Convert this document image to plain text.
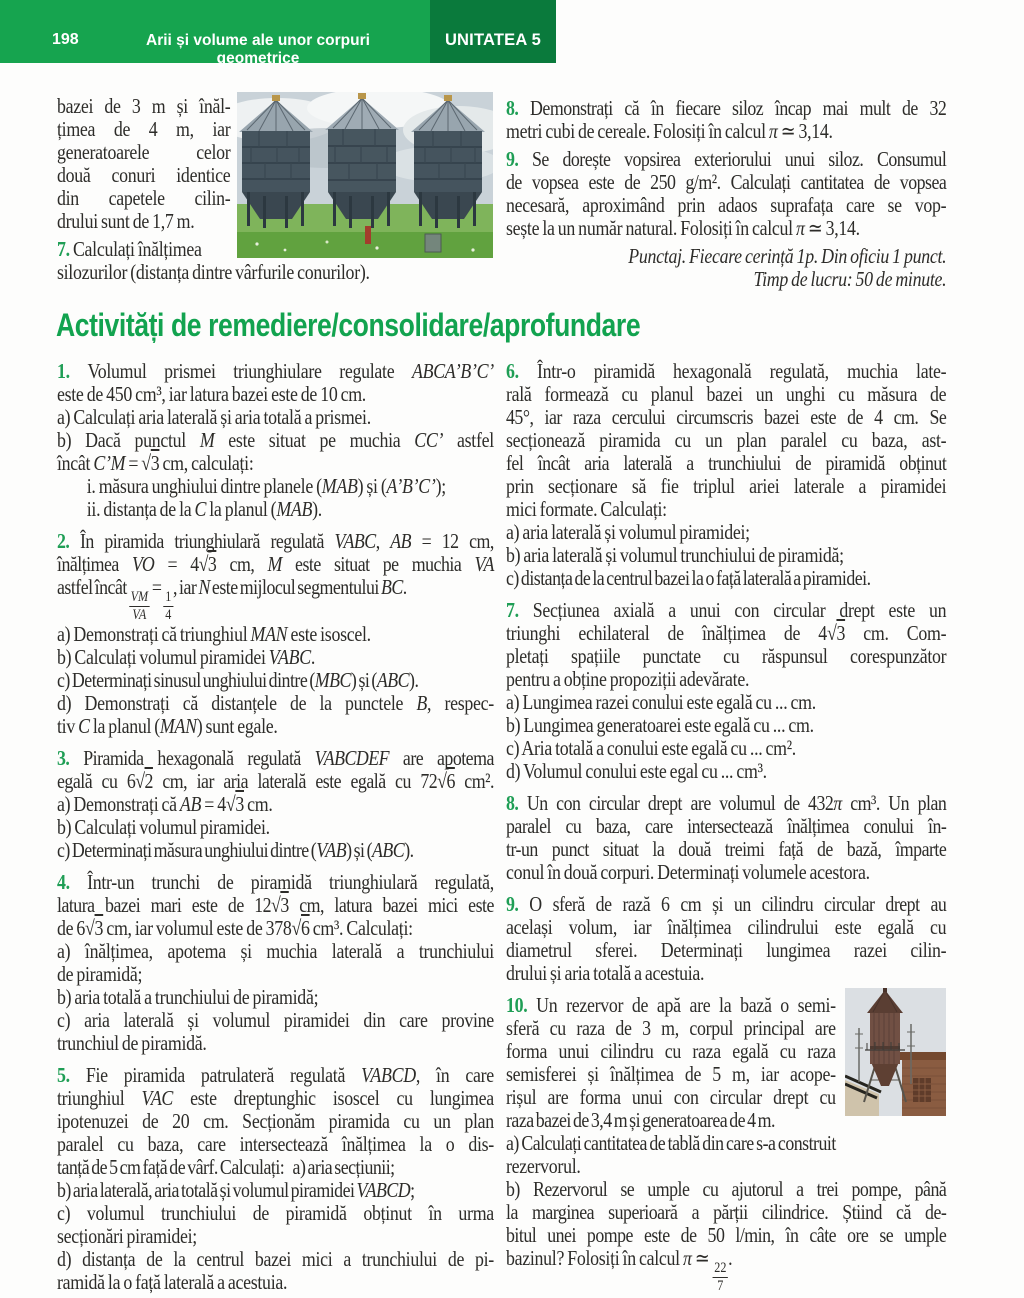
198	Arii și volume ale unor corpuri geometrice
UNITATEA 5
bazei de 3 m și înăl-
țimea de 4 m, iar
generatoarele celor
două conuri identice
din capetele cilin-
drului sunt de 1,7 m.
7. Calculați înălțimea
silozurilor (distanța dintre vârfurile conurilor).
8. Demonstrați că în fiecare siloz încap mai mult de 32
metri cubi de cereale. Folosiți în calcul π ≃ 3,14.
9. Se dorește vopsirea exteriorului unui siloz. Consumul
de vopsea este de 250 g/m². Calculați cantitatea de vopsea
necesară, aproximând prin adaos suprafața care se vop-
sește la un număr natural. Folosiți în calcul π ≃ 3,14.
Punctaj. Fiecare cerință 1p. Din oficiu 1 punct.
Timp de lucru: 50 de minute.
Activități de remediere/consolidare/aprofundare
1. Volumul prismei triunghiulare regulate ABCA’B’C’
este de 450 cm³, iar latura bazei este de 10 cm.
a) Calculați aria laterală și aria totală a prismei.
b) Dacă punctul M este situat pe muchia CC’ astfel
încât C’M = √3 cm, calculați:
i. măsura unghiului dintre planele (MAB) și (A’B’C’);
ii. distanța de la C la planul (MAB).
2. În piramida triunghiulară regulată VABC, AB = 12 cm,
înălțimea VO = 4√3 cm, M este situat pe muchia VA
astfel încât
$\frac{VM}{VA}$
=
$\frac{1}{4}$
, iar N este mijlocul segmentului BC.
a) Demonstrați că triunghiul MAN este isoscel.
b) Calculați volumul piramidei VABC.
c) Determinați sinusul unghiului dintre (MBC) și (ABC).
d) Demonstrați că distanțele de la punctele B, respec-
tiv C la planul (MAN) sunt egale.
3. Piramida hexagonală regulată VABCDEF are apotema
egală cu 6√2 cm, iar aria laterală este egală cu 72√6 cm².
a) Demonstrați că AB = 4√3 cm.
b) Calculați volumul piramidei.
c) Determinați măsura unghiului dintre (VAB) și (ABC).
4. Într-un trunchi de piramidă triunghiulară regulată,
latura bazei mari este de 12√3 cm, latura bazei mici este
de 6√3 cm, iar volumul este de 378√6 cm³. Calculați:
a) înălțimea, apotema și muchia laterală a trunchiului
de piramidă;
b) aria totală a trunchiului de piramidă;
c) aria laterală și volumul piramidei din care provine
trunchiul de piramidă.
5. Fie piramida patrulateră regulată VABCD, în care
triunghiul VAC este dreptunghic isoscel cu lungimea
ipotenuzei de 20 cm. Secționăm piramida cu un plan
paralel cu baza, care intersectează înălțimea la o dis-
tanță de 5 cm față de vârf. Calculați:    a) aria secțiunii;
b) aria laterală, aria totală și volumul piramidei VABCD;
c) volumul trunchiului de piramidă obținut în urma
secționări piramidei;
d) distanța de la centrul bazei mici a trunchiului de pi-
ramidă la o față laterală a acestuia.
6. Într-o piramidă hexagonală regulată, muchia late-
rală formează cu planul bazei un unghi cu măsura de
45°, iar raza cercului circumscris bazei este de 4 cm. Se
secționează piramida cu un plan paralel cu baza, ast-
fel încât aria laterală a trunchiului de piramidă obținut
prin secționare să fie triplul ariei laterale a piramidei
mici formate. Calculați:
a) aria laterală și volumul piramidei;
b) aria laterală și volumul trunchiului de piramidă;
c) distanța de la centrul bazei la o față laterală a piramidei.
7. Secțiunea axială a unui con circular drept este un
triunghi echilateral de înălțimea de 4√3 cm. Com-
pletați spațiile punctate cu răspunsul corespunzător
pentru a obține propoziții adevărate.
a) Lungimea razei conului este egală cu ... cm.
b) Lungimea generatoarei este egală cu ... cm.
c) Aria totală a conului este egală cu ... cm².
d) Volumul conului este egal cu ... cm³.
8. Un con circular drept are volumul de 432π cm³. Un plan
paralel cu baza, care intersectează înălțimea conului în-
tr-un punct situat la două treimi față de bază, împarte
conul în două corpuri. Determinați volumele acestora.
9. O sferă de rază 6 cm și un cilindru circular drept au
același volum, iar înălțimea cilindrului este egală cu
diametrul sferei. Determinați lungimea razei cilin-
drului și aria totală a acestuia.
10. Un rezervor de apă are la bază o semi-
sferă cu raza de 3 m, corpul principal are
forma unui cilindru cu raza egală cu raza
semisferei și înălțimea de 5 m, iar acope-
rișul are forma unui con circular drept cu
raza bazei de 3,4 m și generatoarea de 4 m.
a) Calculați cantitatea de tablă din care s-a construit
rezervorul.
b) Rezervorul se umple cu ajutorul a trei pompe, până
la marginea superioară a părții cilindrice. Știind că de-
bitul unei pompe este de 50 l/min, în câte ore se umple
bazinul? Folosiți în calcul π ≃
$\frac{22}{7}$
.
